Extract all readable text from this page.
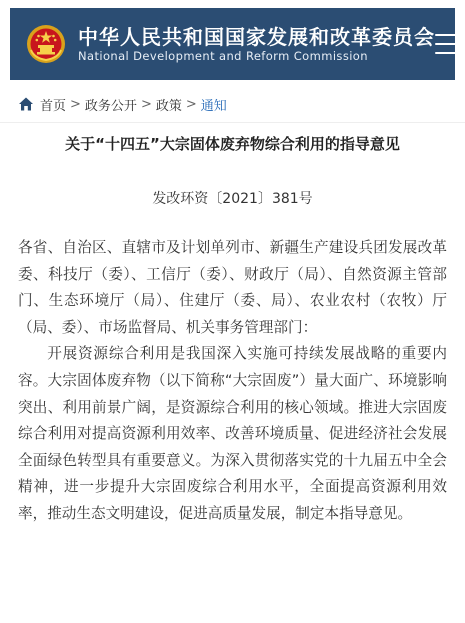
中华人民共和国国家发展和改革委员会
National Development and Reform Commission
首页 > 政务公开 > 政策 > 通知
关于“十四五”大宗固体废弃物综合利用的指导意见
发改环资〔2021〕381号

各省、自治区、直辖市及计划单列市、新疆生产建设兵团发展改革委、科技厅（委）、工信厅（委）、财政厅（局）、自然资源主管部门、生态环境厅（局）、住建厅（委、局）、农业农村（农牧）厅（局、委）、市场监督局、机关事务管理部门：

开展资源综合利用是我国深入实施可持续发展战略的重要内容。大宗固体废弃物（以下简称“大宗固废”）量大面广、环境影响突出、利用前景广阔，是资源综合利用的核心领域。推进大宗固废综合利用对提高资源利用效率、改善环境质量、促进经济社会发展全面绿色转型具有重要意义。为深入贯彻落实党的十九届五中全会精神，进一步提升大宗固废综合利用水平，全面提高资源利用效率，推动生态文明建设，促进高质量发展，制定本指导意见。
